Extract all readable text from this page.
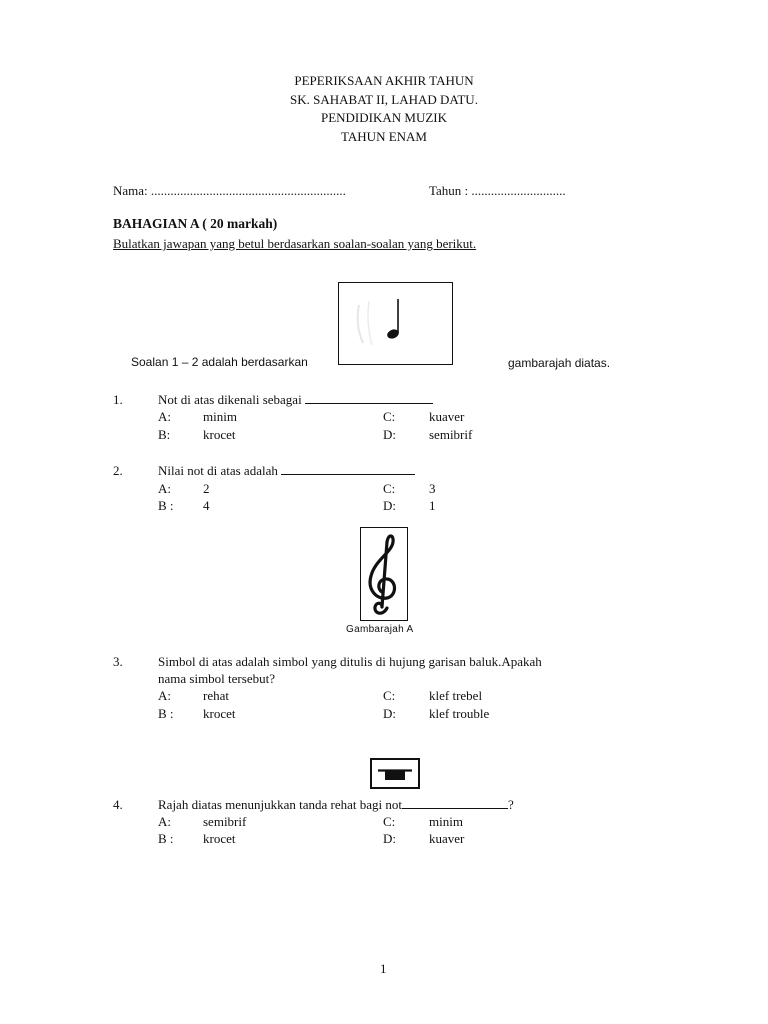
PEPERIKSAAN AKHIR TAHUN
SK. SAHABAT II, LAHAD DATU.
PENDIDIKAN MUZIK
TAHUN ENAM
Nama: ............................................................	Tahun : .............................
BAHAGIAN A ( 20 markah)
Bulatkan jawapan yang betul berdasarkan soalan-soalan yang berikut.
Soalan 1 – 2 adalah berdasarkan	gambarajah diatas.
1.	Not di atas dikenali sebagai
A: minim	C:	kuaver
B:	krocet	D:	semibrif
2.	Nilai not di atas adalah
A: 2	C:	3
B : 4	D:	1
Gambarajah A
3.	Simbol di atas adalah simbol yang ditulis di hujung garisan baluk.Apakah
nama simbol tersebut?
A: rehat	C:	klef trebel
B : krocet	D:	klef trouble
4.	Rajah diatas menunjukkan tanda rehat bagi not	?
A: semibrif	C:	minim
B : krocet	D:	kuaver
1
